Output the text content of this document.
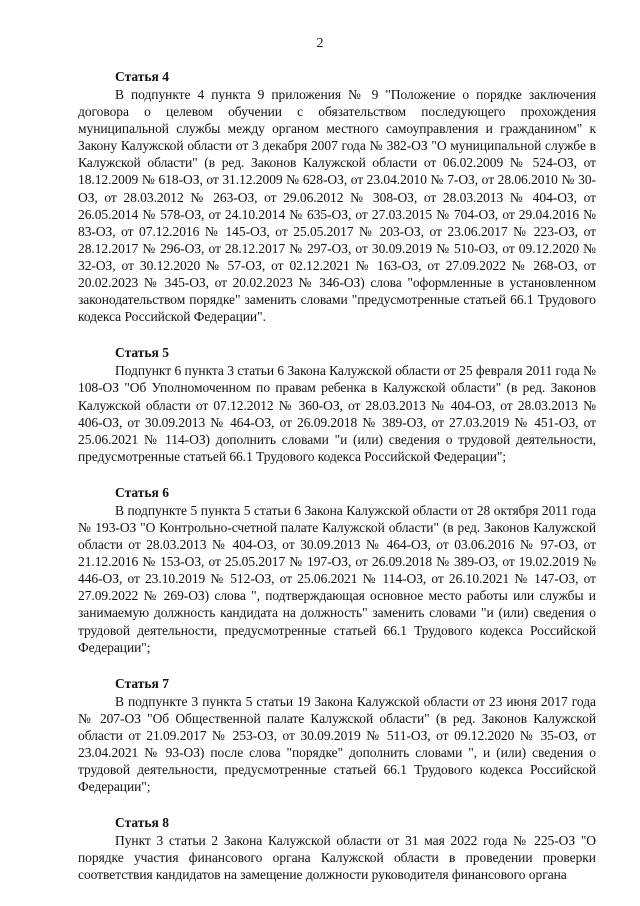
2
Статья 4

В подпункте 4 пункта 9 приложения № 9 "Положение о порядке заключения договора о целевом обучении с обязательством последующего прохождения муниципальной службы между органом местного самоуправления и гражданином" к Закону Калужской области от 3 декабря 2007 года № 382-ОЗ "О муниципальной службе в Калужской области" (в ред. Законов Калужской области от 06.02.2009 № 524-ОЗ, от 18.12.2009 № 618-ОЗ, от 31.12.2009 № 628-ОЗ, от 23.04.2010 № 7-ОЗ, от 28.06.2010 № 30-ОЗ, от 28.03.2012 № 263-ОЗ, от 29.06.2012 № 308-ОЗ, от 28.03.2013 № 404-ОЗ, от 26.05.2014 № 578-ОЗ, от 24.10.2014 № 635-ОЗ, от 27.03.2015 № 704-ОЗ, от 29.04.2016 № 83-ОЗ, от 07.12.2016 № 145-ОЗ, от 25.05.2017 № 203-ОЗ, от 23.06.2017 № 223-ОЗ, от 28.12.2017 № 296-ОЗ, от 28.12.2017 № 297-ОЗ, от 30.09.2019 № 510-ОЗ, от 09.12.2020 № 32-ОЗ, от 30.12.2020 № 57-ОЗ, от 02.12.2021 № 163-ОЗ, от 27.09.2022 № 268-ОЗ, от 20.02.2023 № 345-ОЗ, от 20.02.2023 № 346-ОЗ) слова "оформленные в установленном законодательством порядке" заменить словами "предусмотренные статьей 66.1 Трудового кодекса Российской Федерации".

Статья 5

Подпункт 6 пункта 3 статьи 6 Закона Калужской области от 25 февраля 2011 года № 108-ОЗ "Об Уполномоченном по правам ребенка в Калужской области" (в ред. Законов Калужской области от 07.12.2012 № 360-ОЗ, от 28.03.2013 № 404-ОЗ, от 28.03.2013 № 406-ОЗ, от 30.09.2013 № 464-ОЗ, от 26.09.2018 № 389-ОЗ, от 27.03.2019 № 451-ОЗ, от 25.06.2021 № 114-ОЗ) дополнить словами "и (или) сведения о трудовой деятельности, предусмотренные статьей 66.1 Трудового кодекса Российской Федерации";

Статья 6

В подпункте 5 пункта 5 статьи 6 Закона Калужской области от 28 октября 2011 года № 193-ОЗ "О Контрольно-счетной палате Калужской области" (в ред. Законов Калужской области от 28.03.2013 № 404-ОЗ, от 30.09.2013 № 464-ОЗ, от 03.06.2016 № 97-ОЗ, от 21.12.2016 № 153-ОЗ, от 25.05.2017 № 197-ОЗ, от 26.09.2018 № 389-ОЗ, от 19.02.2019 № 446-ОЗ, от 23.10.2019 № 512-ОЗ, от 25.06.2021 № 114-ОЗ, от 26.10.2021 № 147-ОЗ, от 27.09.2022 № 269-ОЗ) слова ", подтверждающая основное место работы или службы и занимаемую должность кандидата на должность" заменить словами "и (или) сведения о трудовой деятельности, предусмотренные статьей 66.1 Трудового кодекса Российской Федерации";

Статья 7

В подпункте 3 пункта 5 статьи 19 Закона Калужской области от 23 июня 2017 года № 207-ОЗ "Об Общественной палате Калужской области" (в ред. Законов Калужской области от 21.09.2017 № 253-ОЗ, от 30.09.2019 № 511-ОЗ, от 09.12.2020 № 35-ОЗ, от 23.04.2021 № 93-ОЗ) после слова "порядке" дополнить словами ", и (или) сведения о трудовой деятельности, предусмотренные статьей 66.1 Трудового кодекса Российской Федерации";

Статья 8

Пункт 3 статьи 2 Закона Калужской области от 31 мая 2022 года № 225-ОЗ "О порядке участия финансового органа Калужской области в проведении проверки соответствия кандидатов на замещение должности руководителя финансового органа
